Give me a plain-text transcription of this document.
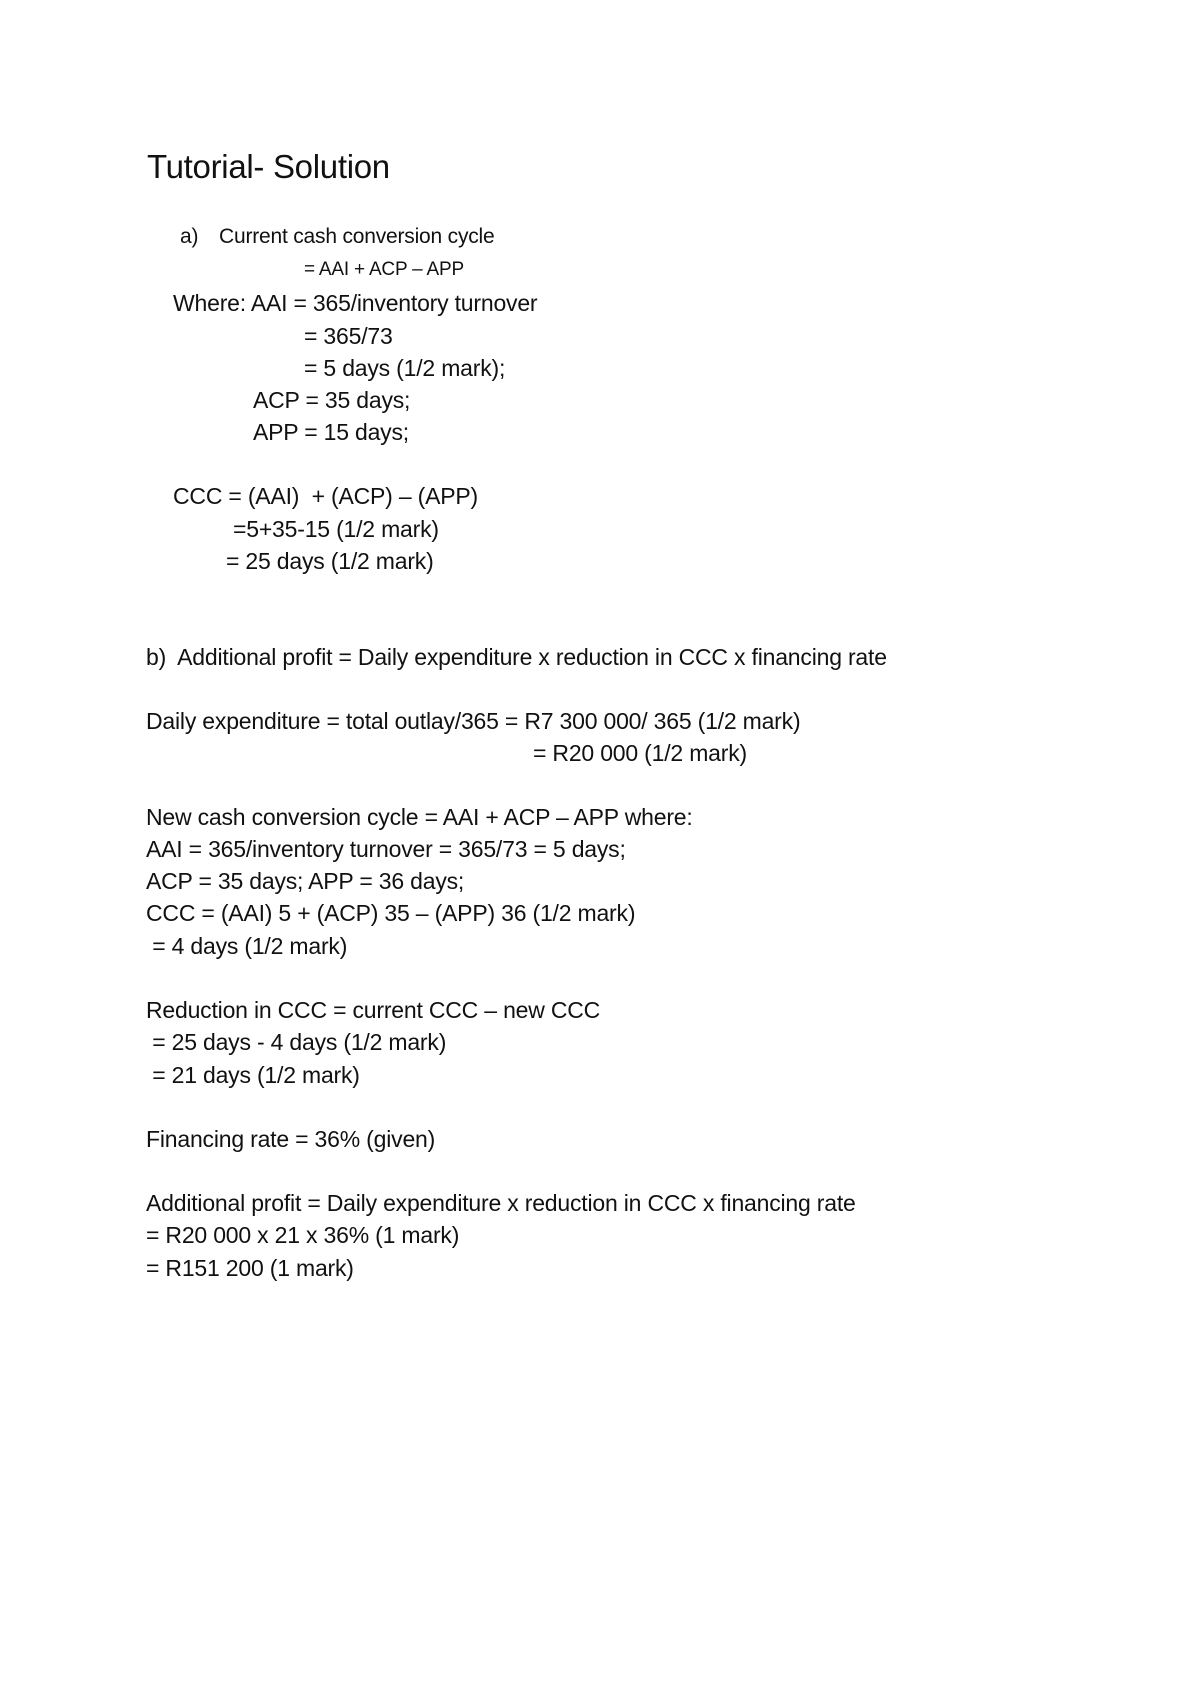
Tutorial- Solution
a) Current cash conversion cycle
= AAI + ACP – APP
Where: AAI = 365/inventory turnover
= 365/73
= 5 days (1/2 mark);
ACP = 35 days;
APP = 15 days;
CCC = (AAI)  + (ACP) – (APP)
=5+35-15 (1/2 mark)
= 25 days (1/2 mark)
b)  Additional profit = Daily expenditure x reduction in CCC x financing rate
Daily expenditure = total outlay/365 = R7 300 000/ 365 (1/2 mark)
= R20 000 (1/2 mark)
New cash conversion cycle = AAI + ACP – APP where:
AAI = 365/inventory turnover = 365/73 = 5 days;
ACP = 35 days; APP = 36 days;
CCC = (AAI) 5 + (ACP) 35 – (APP) 36 (1/2 mark)
= 4 days (1/2 mark)
Reduction in CCC = current CCC – new CCC
= 25 days - 4 days (1/2 mark)
= 21 days (1/2 mark)
Financing rate = 36% (given)
Additional profit = Daily expenditure x reduction in CCC x financing rate
= R20 000 x 21 x 36% (1 mark)
= R151 200 (1 mark)
